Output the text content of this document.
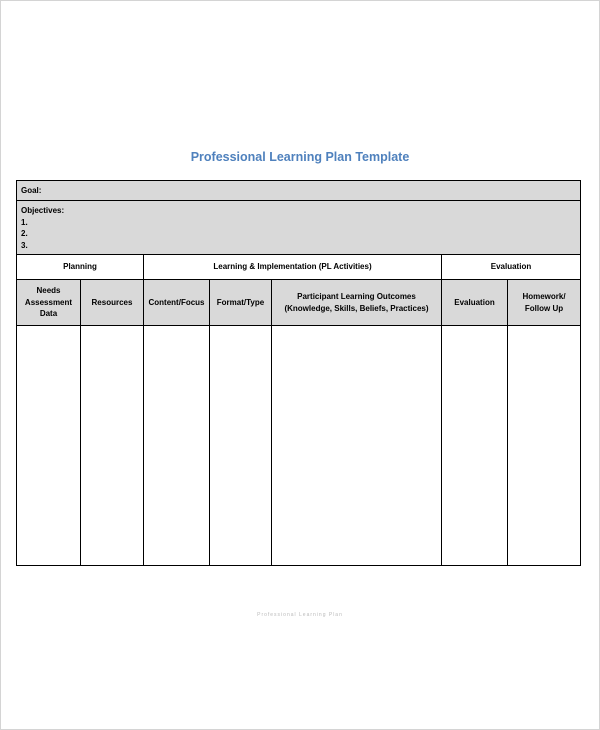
Professional Learning Plan Template
Goal:
Objectives:
1.
2.
3.
Planning	Learning & Implementation (PL Activities)	Evaluation
Needs Assessment Data
Resources Content/Focus Format/Type
Participant Learning Outcomes
(Knowledge, Skills, Beliefs, Practices)
Evaluation
Homework/ Follow Up
Professional Learning Plan
